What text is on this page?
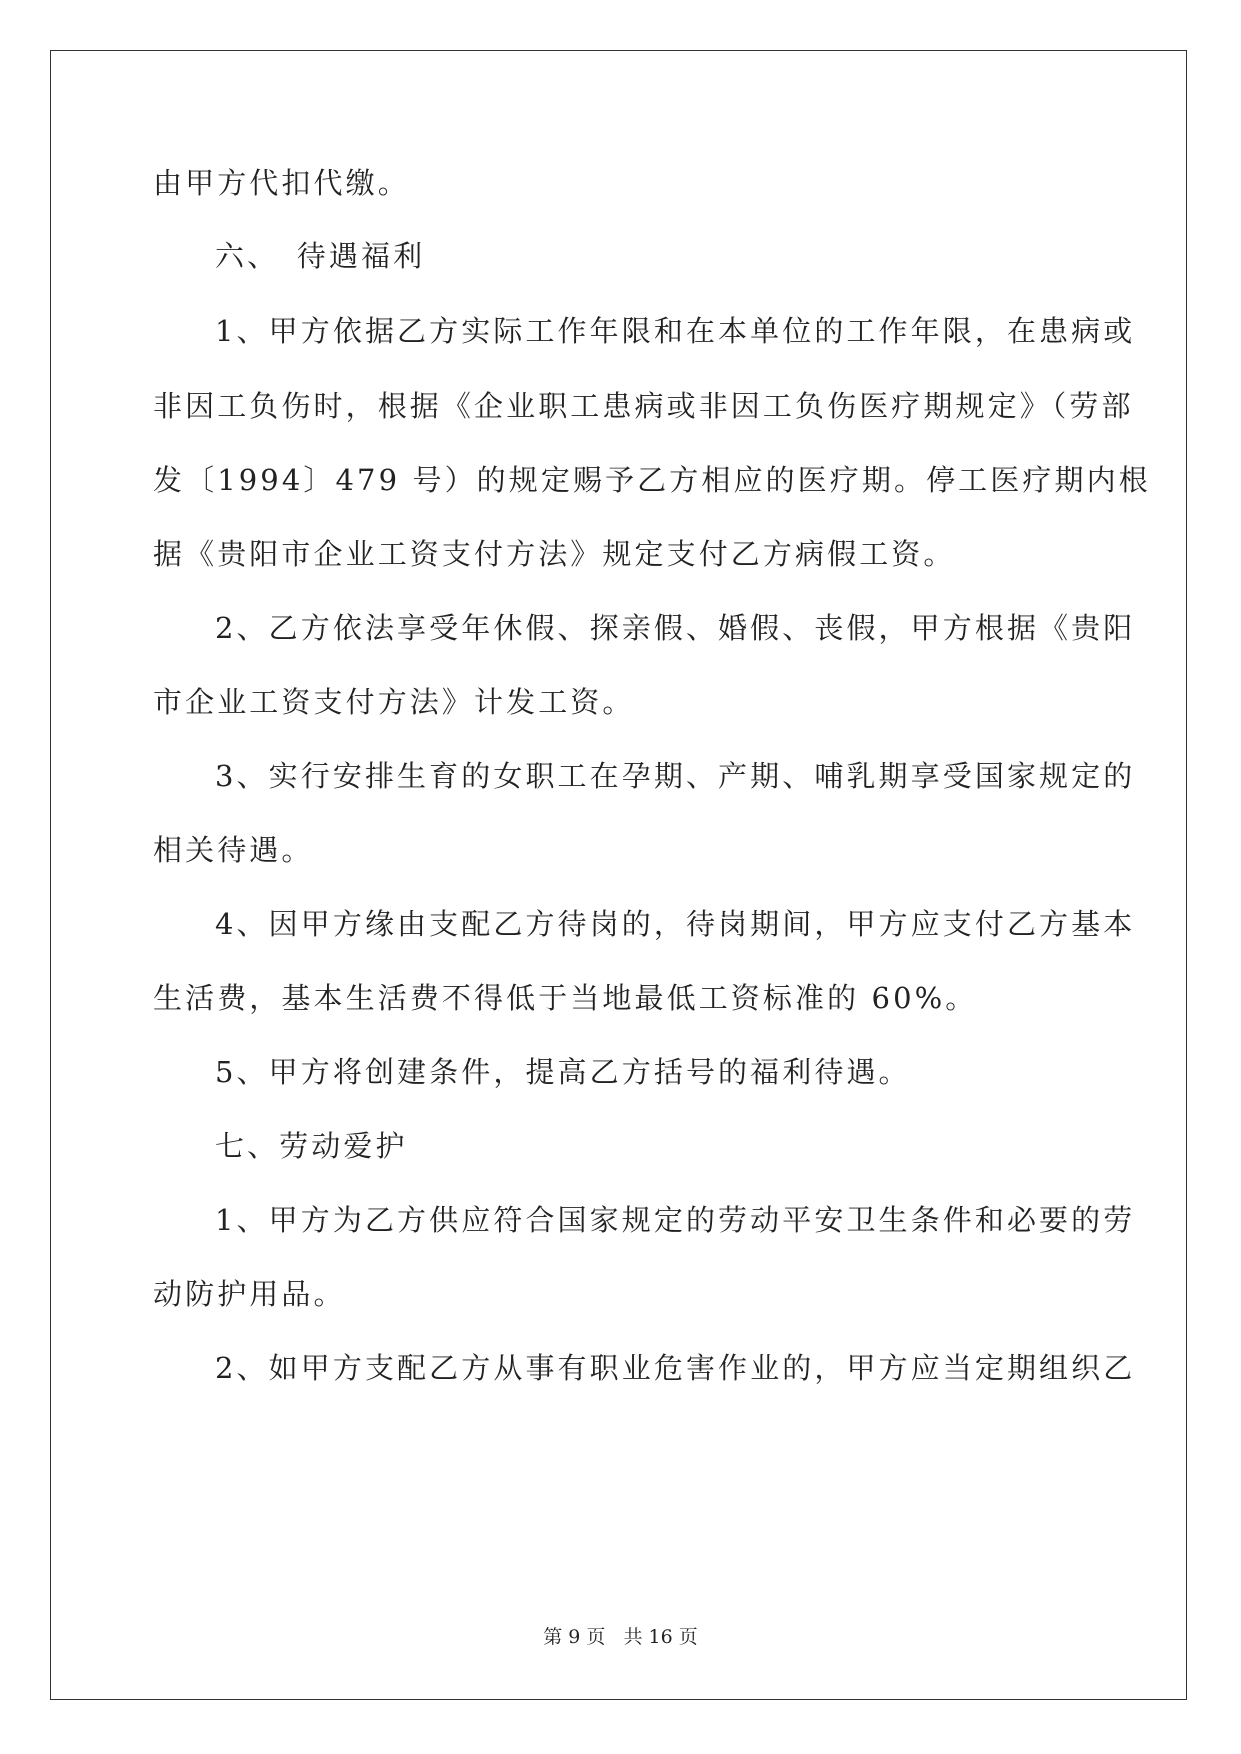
由甲方代扣代缴。
六、　待遇福利
1、甲方依据乙方实际工作年限和在本单位的工作年限，在患病或
非因工负伤时，根据《企业职工患病或非因工负伤医疗期规定》（劳部
发〔1994〕479 号）的规定赐予乙方相应的医疗期。停工医疗期内根
据《贵阳市企业工资支付方法》规定支付乙方病假工资。
2、乙方依法享受年休假、探亲假、婚假、丧假，甲方根据《贵阳
市企业工资支付方法》计发工资。
3、实行安排生育的女职工在孕期、产期、哺乳期享受国家规定的
相关待遇。
4、因甲方缘由支配乙方待岗的，待岗期间，甲方应支付乙方基本
生活费，基本生活费不得低于当地最低工资标准的 60%。
5、甲方将创建条件，提高乙方括号的福利待遇。
七、劳动爱护
1、甲方为乙方供应符合国家规定的劳动平安卫生条件和必要的劳
动防护用品。
2、如甲方支配乙方从事有职业危害作业的，甲方应当定期组织乙
第 9 页 共 16 页
